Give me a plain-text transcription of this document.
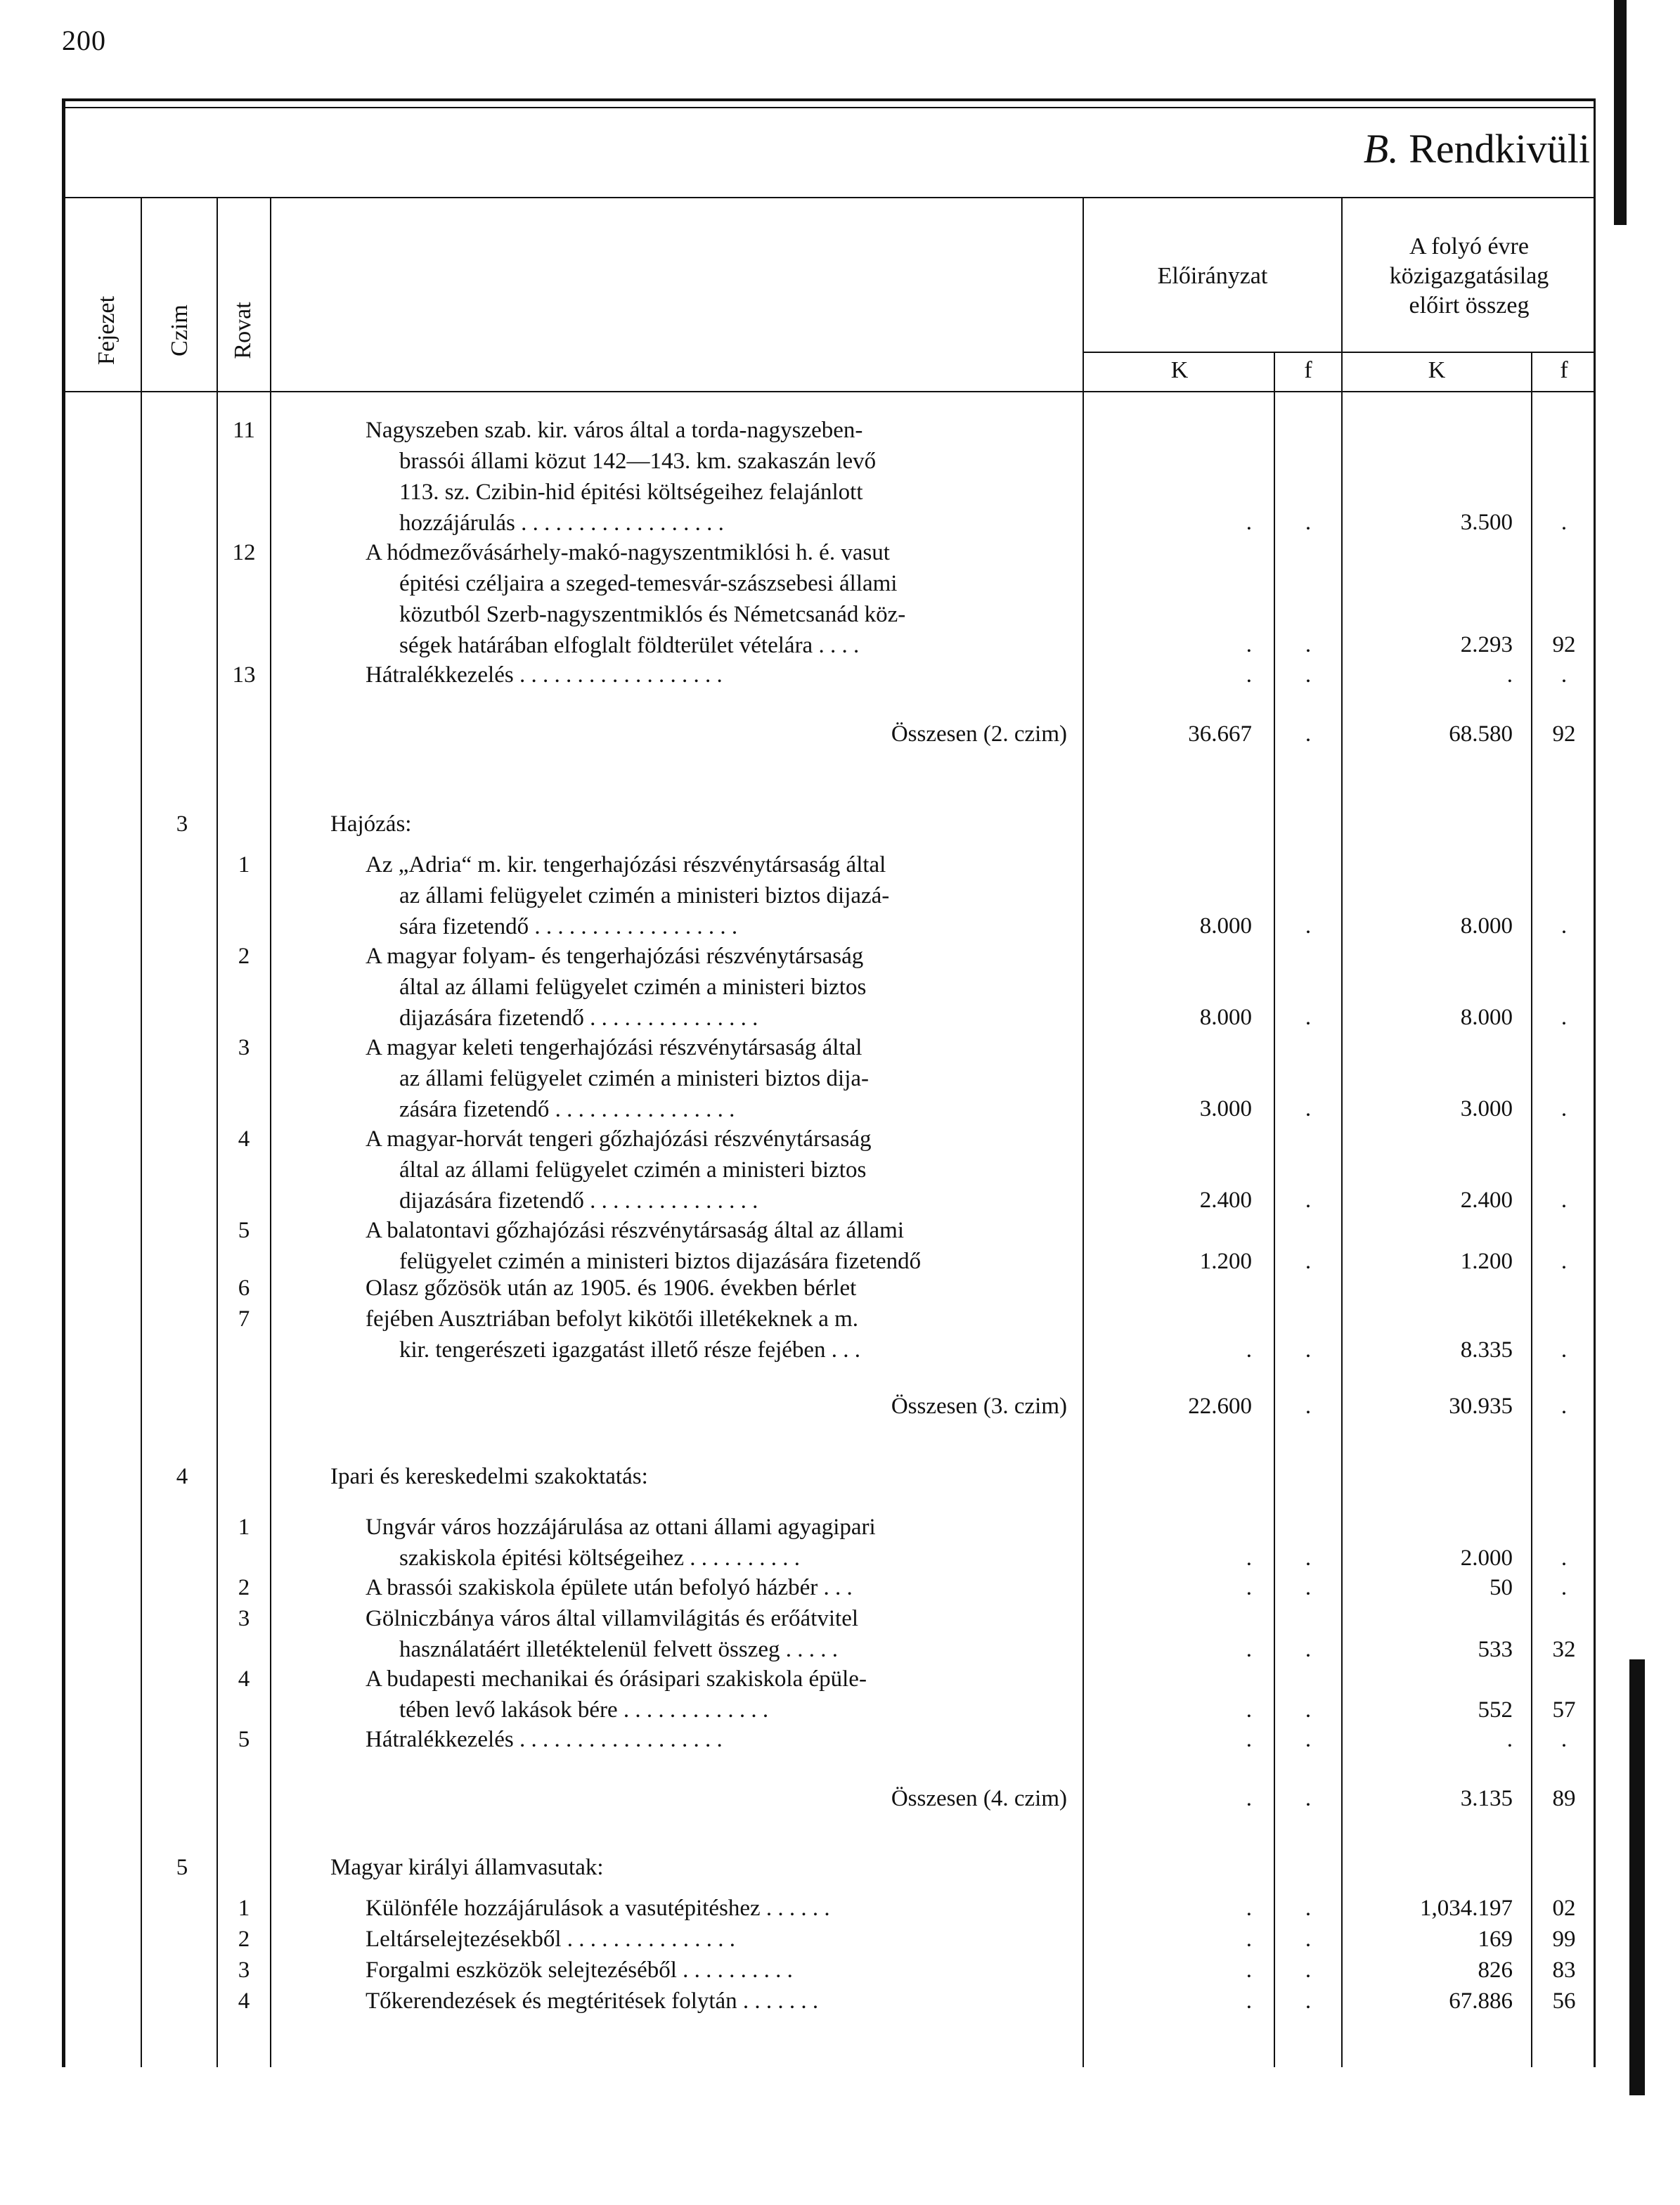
200
B. Rendkivüli
Fejezet Czim Rovat
Előirányzat
A folyó évre
közigazgatásilag
előirt összeg
K	f	K	f
11	Nagyszeben szab. kir. város által a torda-nagyszeben-
brassói állami közut 142—143. km. szakaszán levő
113. sz. Czibin-hid épitési költségeihez felajánlott
hozzájárulás . . . . . . . . . . . . . . . . . .	.	.	3.500	.
12	A hódmezővásárhely-makó-nagyszentmiklósi h. é. vasut
épitési czéljaira a szeged-temesvár-szászsebesi állami
közutból Szerb-nagyszentmiklós és Németcsanád köz-
ségek határában elfoglalt földterület vételára . . . .	.	.	2.293	92
13	Hátralékkezelés . . . . . . . . . . . . . . . . . .	.	.	.	.
Összesen (2. czim)	36.667	.	68.580	92
3	Hajózás:
1	Az „Adria“ m. kir. tengerhajózási részvénytársaság által
az állami felügyelet czimén a ministeri biztos dijazá-
sára fizetendő . . . . . . . . . . . . . . . . . .	8.000	.	8.000	.
2	A magyar folyam- és tengerhajózási részvénytársaság
által az állami felügyelet czimén a ministeri biztos
dijazására fizetendő . . . . . . . . . . . . . . .	8.000	.	8.000	.
3	A magyar keleti tengerhajózási részvénytársaság által
az állami felügyelet czimén a ministeri biztos dija-
zására fizetendő . . . . . . . . . . . . . . . .	3.000	.	3.000	.
4	A magyar-horvát tengeri gőzhajózási részvénytársaság
által az állami felügyelet czimén a ministeri biztos
dijazására fizetendő . . . . . . . . . . . . . . .	2.400	.	2.400	.
5	A balatontavi gőzhajózási részvénytársaság által az állami
felügyelet czimén a ministeri biztos dijazására fizetendő	1.200	.	1.200	.
6	Olasz gőzösök után az 1905. és 1906. években bérlet
7	fejében Ausztriában befolyt kikötői illetékeknek a m.
kir. tengerészeti igazgatást illető része fejében . . .	.	.	8.335	.
Összesen (3. czim)	22.600	.	30.935	.
4	Ipari és kereskedelmi szakoktatás:
1	Ungvár város hozzájárulása az ottani állami agyagipari
szakiskola épitési költségeihez . . . . . . . . . .	.	.	2.000	.
2	A brassói szakiskola épülete után befolyó házbér . . .	.	.	50	.
3	Gölniczbánya város által villamvilágitás és erőátvitel
használatáért illetéktelenül felvett összeg . . . . .	.	.	533	32
4	A budapesti mechanikai és órásipari szakiskola épüle-
tében levő lakások bére . . . . . . . . . . . . .	.	.	552	57
5	Hátralékkezelés . . . . . . . . . . . . . . . . . .	.	.	.	.
Összesen (4. czim)	.	.	3.135	89
5	Magyar királyi államvasutak:
1	Különféle hozzájárulások a vasutépitéshez . . . . . .	.	.	1,034.197	02
2	Leltárselejtezésekből . . . . . . . . . . . . . . .	.	.	169	99
3	Forgalmi eszközök selejtezéséből . . . . . . . . . .	.	.	826	83
4	Tőkerendezések és megtéritések folytán . . . . . . .	.	.	67.886	56
